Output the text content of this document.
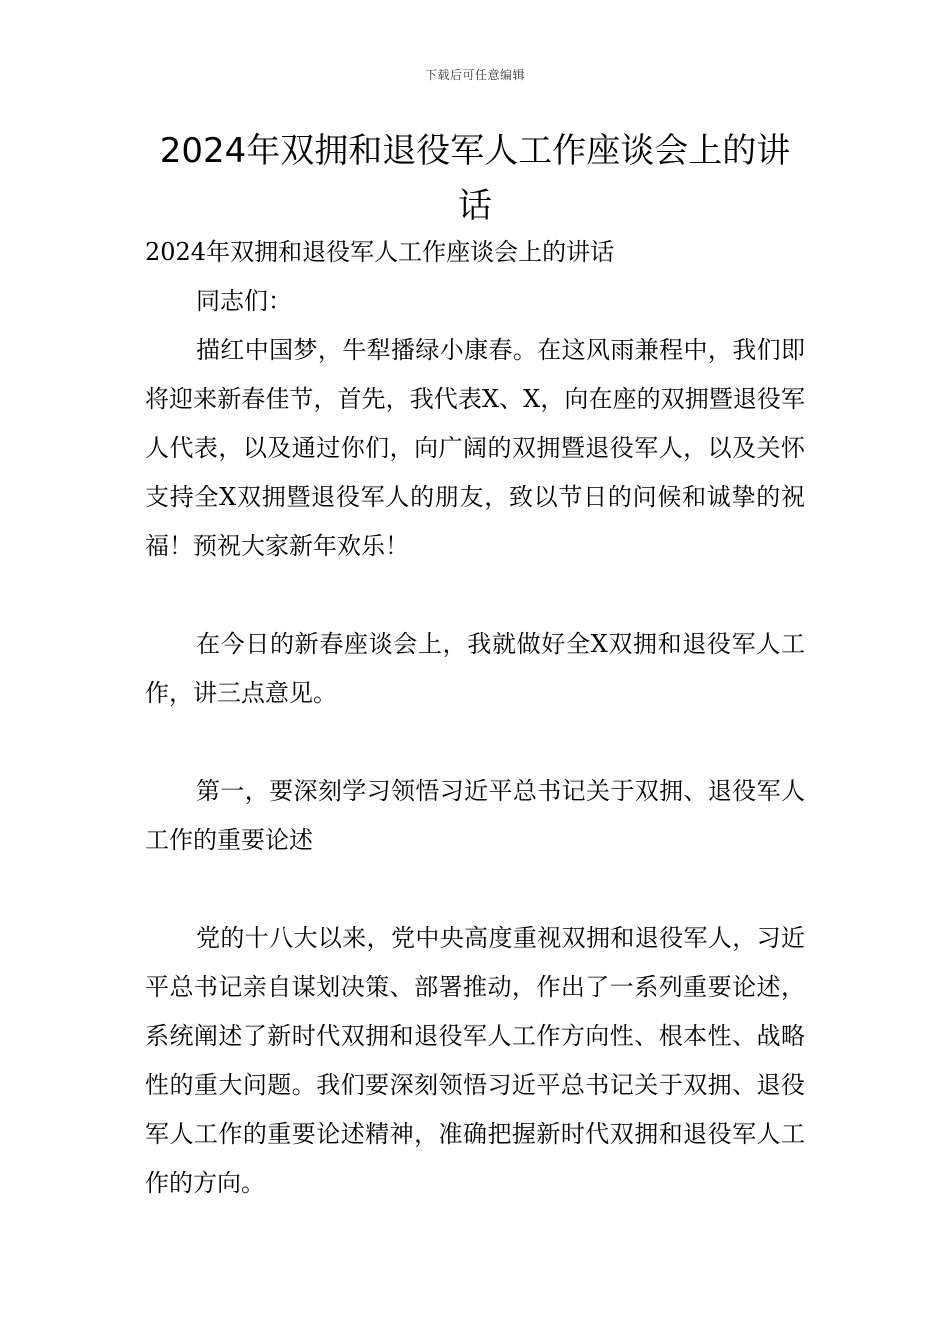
下载后可任意编辑
2024年双拥和退役军人工作座谈会上的讲话

2024年双拥和退役军人工作座谈会上的讲话

同志们：

描红中国梦，牛犁播绿小康春。在这风雨兼程中，我们即将迎来新春佳节，首先，我代表X、X，向在座的双拥暨退役军人代表，以及通过你们，向广阔的双拥暨退役军人，以及关怀支持全X双拥暨退役军人的朋友，致以节日的问候和诚挚的祝福！预祝大家新年欢乐！

在今日的新春座谈会上，我就做好全X双拥和退役军人工作，讲三点意见。

第一，要深刻学习领悟习近平总书记关于双拥、退役军人工作的重要论述

党的十八大以来，党中央高度重视双拥和退役军人，习近平总书记亲自谋划决策、部署推动，作出了一系列重要论述，系统阐述了新时代双拥和退役军人工作方向性、根本性、战略性的重大问题。我们要深刻领悟习近平总书记关于双拥、退役军人工作的重要论述精神，准确把握新时代双拥和退役军人工作的方向。
